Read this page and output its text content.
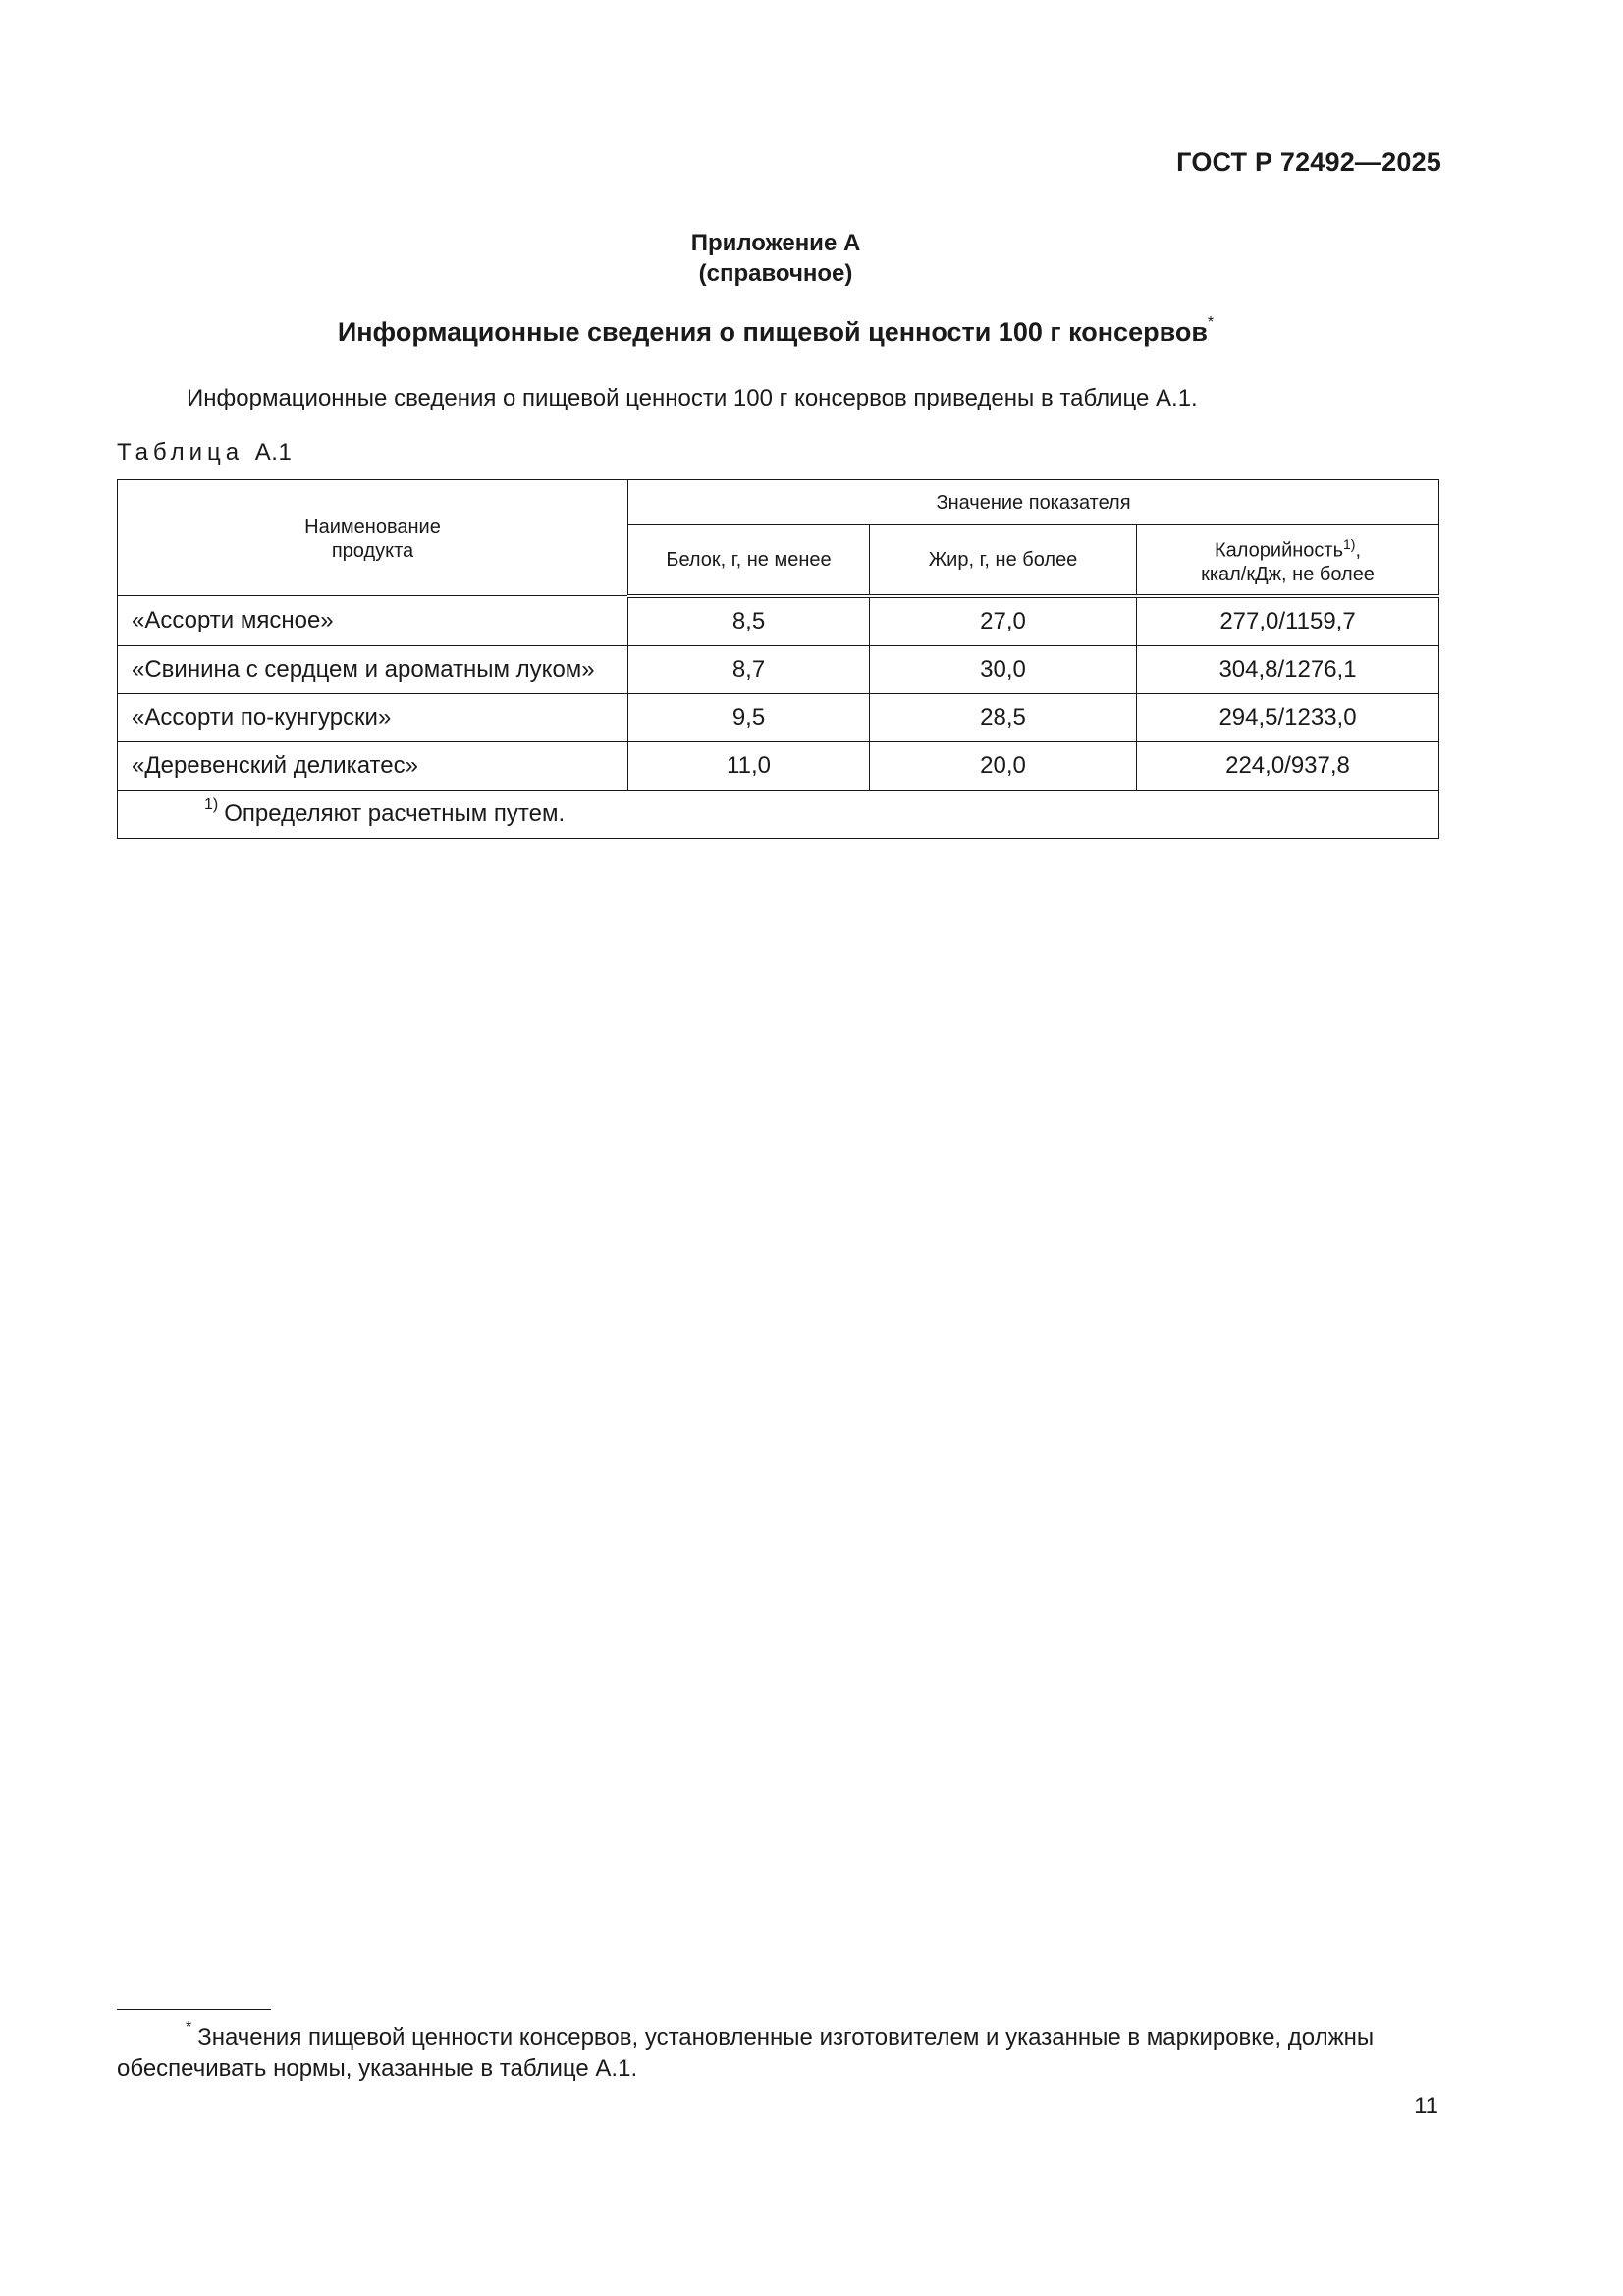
ГОСТ Р 72492—2025
Приложение А
(справочное)
Информационные сведения о пищевой ценности 100 г консервов*
Информационные сведения о пищевой ценности 100 г консервов приведены в таблице А.1.
Таблица А.1
Наименование
продукта	Значение показателя		
	Белок, г, не менее	Жир, г, не более	Калорийность$^{1)}$,
ккал/кДж, не более

«Ассорти мясное»	8,5	27,0	277,0/1159,7
«Свинина с сердцем и ароматным луком»	8,7	30,0	304,8/1276,1
«Ассорти по-кунгурски»	9,5	28,5	294,5/1233,0
«Деревенский деликатес»	11,0	20,0	224,0/937,8
$^{1)}$ Определяют расчетным путем.			
* Значения пищевой ценности консервов, установленные изготовителем и указанные в маркировке, должны обеспечивать нормы, указанные в таблице А.1.
11
